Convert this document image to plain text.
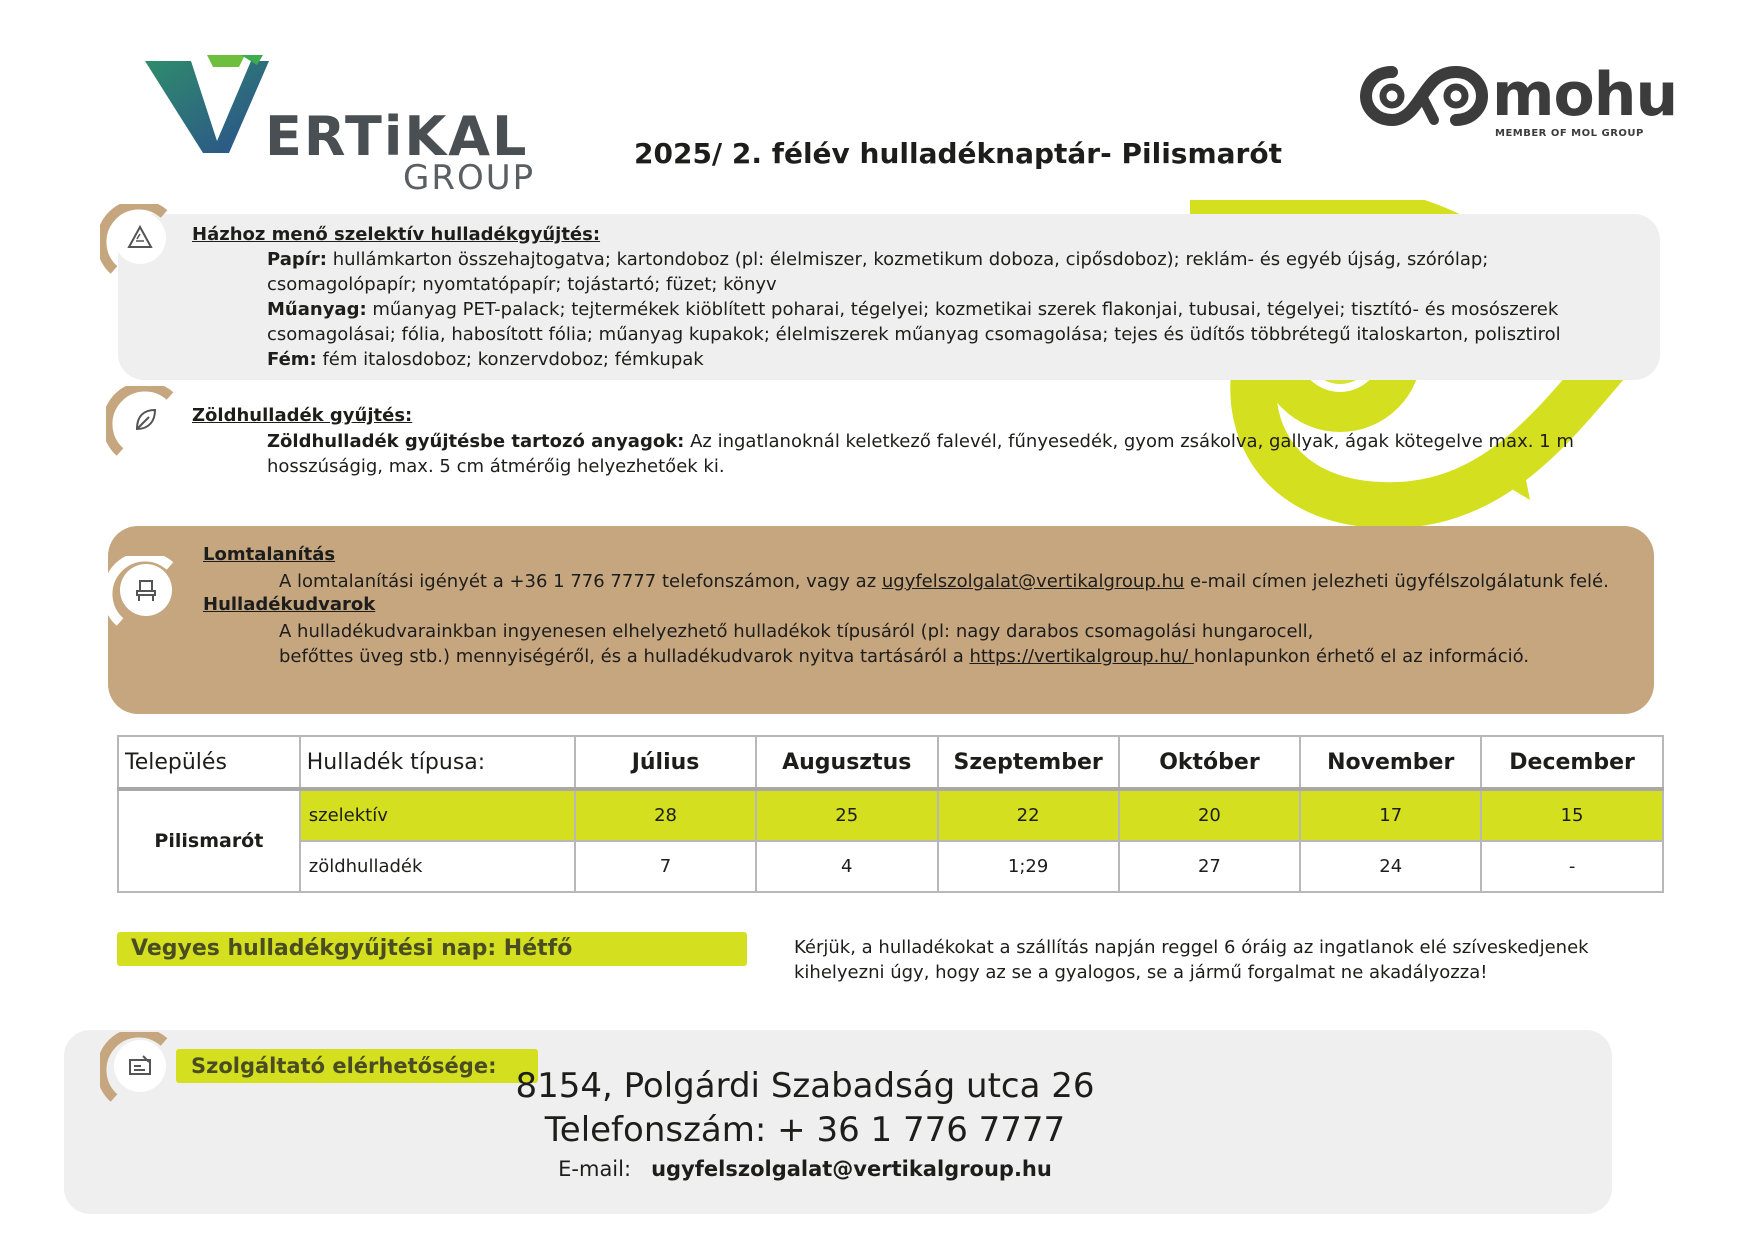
ERTiKAL
GROUP
mohu
MEMBER OF MOL GROUP
2025/ 2. félév hulladéknaptár- Pilismarót
Házhoz menő szelektív hulladékgyűjtés:
Papír: hullámkarton összehajtogatva; kartondoboz (pl: élelmiszer, kozmetikum doboza, cipősdoboz); reklám- és egyéb újság, szórólap;
csomagolópapír; nyomtatópapír; tojástartó; füzet; könyv
Műanyag: műanyag PET-palack; tejtermékek kiöblített poharai, tégelyei; kozmetikai szerek flakonjai, tubusai, tégelyei; tisztító- és mosószerek
csomagolásai; fólia, habosított fólia; műanyag kupakok; élelmiszerek műanyag csomagolása; tejes és üdítős többrétegű italoskarton, polisztirol
Fém: fém italosdoboz; konzervdoboz; fémkupak
Zöldhulladék gyűjtés:
Zöldhulladék gyűjtésbe tartozó anyagok: Az ingatlanoknál keletkező falevél, fűnyesedék, gyom zsákolva, gallyak, ágak kötegelve max. 1 m
hosszúságig, max. 5 cm átmérőig helyezhetőek ki.
Lomtalanítás
A lomtalanítási igényét a +36 1 776 7777 telefonszámon, vagy az ugyfelszolgalat@vertikalgroup.hu e-mail címen jelezheti ügyfélszolgálatunk felé.
Hulladékudvarok
A hulladékudvarainkban ingyenesen elhelyezhető hulladékok típusáról (pl: nagy darabos csomagolási hungarocell,
befőttes üveg stb.) mennyiségéről, és a hulladékudvarok nyitva tartásáról a https://vertikalgroup.hu/ honlapunkon érhető el az információ.
Település	Hulladék típusa:	Július	Augusztus	Szeptember	Október	November	December
Pilismarót	szelektív	28	25	22	20	17	15
	zöldhulladék	7	4	1;29	27	24	-
Vegyes hulladékgyűjtési nap: Hétfő	Kérjük, a hulladékokat a szállítás napján reggel 6 óráig az ingatlanok elé szíveskedjenek
kihelyezni úgy, hogy az se a gyalogos, se a jármű forgalmat ne akadályozza!
Szolgáltató elérhetősége: 8154, Polgárdi Szabadság utca 26
Telefonszám: + 36 1 776 7777
E-mail: ugyfelszolgalat@vertikalgroup.hu
